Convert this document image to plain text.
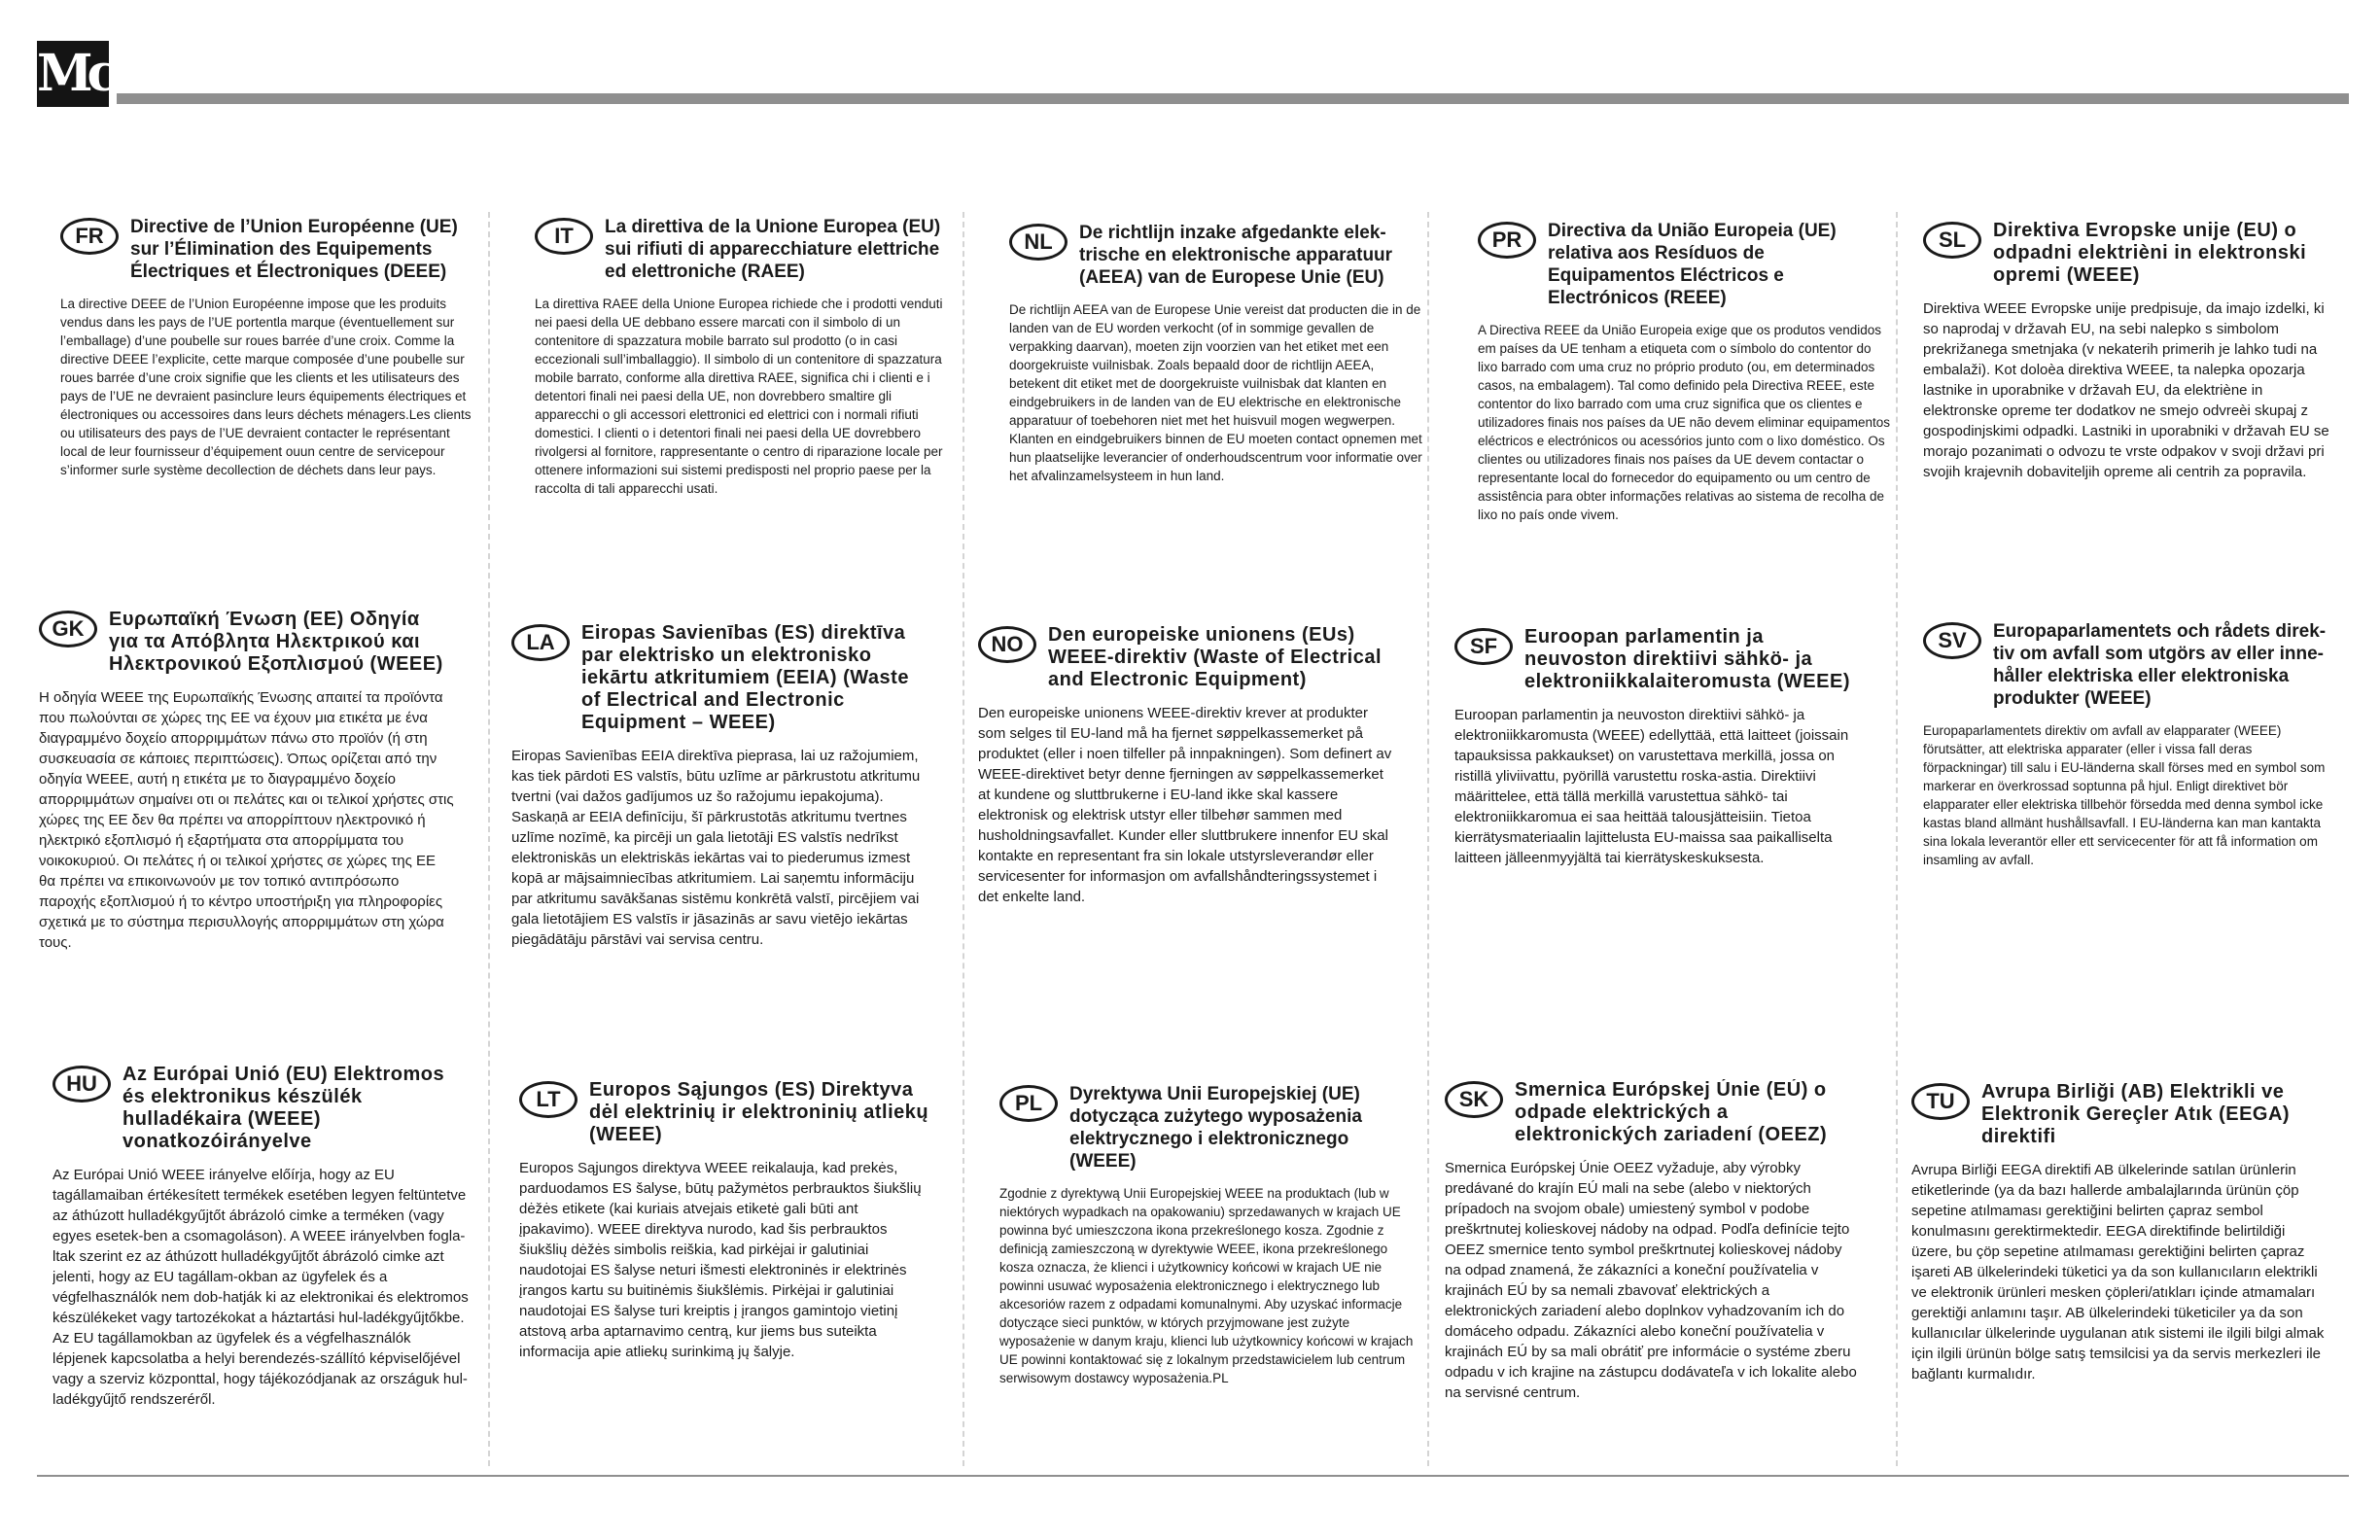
Mc
FR	Directive de l’Union Européenne (UE) sur l’Élimination des Equipements Électriques et Électroniques (DEEE)
La directive DEEE de l’Union Européenne impose que les produits vendus dans les pays de l’UE portentla marque (éventuellement sur l’emballage) d’une poubelle sur roues barrée d’une croix. Comme la directive DEEE l’explicite, cette marque composée d’une poubelle sur roues barrée d’une croix signifie que les clients et les utilisateurs des pays de l’UE ne devraient pasinclure leurs équipements électriques et électroniques ou accessoires dans leurs déchets ménagers.Les clients ou utilisateurs des pays de l’UE devraient contacter le représentant local de leur fournisseur d’équipement ouun centre de servicepour s’informer surle système decollection de déchets dans leur pays.
IT	La direttiva de la Unione Europea (EU) sui rifiuti di apparecchiature elettriche ed elettroniche (RAEE)
La direttiva RAEE della Unione Europea richiede che i prodotti venduti nei paesi della UE debbano essere marcati con il simbolo di un contenitore di spazzatura mobile barrato sul prodotto (o in casi eccezionali sull’imballaggio). Il simbolo di un contenitore di spazzatura mobile barrato, conforme alla direttiva RAEE, significa chi i clienti e i detentori finali nei paesi della UE, non dovrebbero smaltire gli apparecchi o gli accessori elettronici ed elettrici con i normali rifiuti domestici. I clienti o i detentori finali nei paesi della UE dovrebbero rivolgersi al fornitore, rappresentante o centro di riparazione locale per ottenere informazioni sui sistemi predisposti nel proprio paese per la raccolta di tali apparecchi usati.
NL	De richtlijn inzake afgedankte elek-trische en elektronische apparatuur (AEEA) van de Europese Unie (EU)
De richtlijn AEEA van de Europese Unie vereist dat producten die in de landen van de EU worden verkocht (of in sommige gevallen de verpakking daarvan), moeten zijn voorzien van het etiket met een doorgekruiste vuilnisbak. Zoals bepaald door de richtlijn AEEA, betekent dit etiket met de doorgekruiste vuilnisbak dat klanten en eindgebruikers in de landen van de EU elektrische en elektronische apparatuur of toebehoren niet met het huisvuil mogen wegwerpen. Klanten en eindgebruikers binnen de EU moeten contact opnemen met hun plaatselijke leverancier of onderhoudscentrum voor informatie over het afvalinzamelsysteem in hun land.
PR	Directiva da União Europeia (UE) relativa aos Resíduos de Equipamentos Eléctricos e Electrónicos (REEE)
A Directiva REEE da União Europeia exige que os produtos vendidos em países da UE tenham a etiqueta com o símbolo do contentor do lixo barrado com uma cruz no próprio produto (ou, em determinados casos, na embalagem). Tal como definido pela Directiva REEE, este contentor do lixo barrado com uma cruz significa que os clientes e utilizadores finais nos países da UE não devem eliminar equipamentos eléctricos e electrónicos ou acessórios junto com o lixo doméstico. Os clientes ou utilizadores finais nos países da UE devem contactar o representante local do fornecedor do equipamento ou um centro de assistência para obter informações relativas ao sistema de recolha de lixo no país onde vivem.
SL	Direktiva Evropske unije (EU) o odpadni elektrièni in elektronski opremi (WEEE)
Direktiva WEEE Evropske unije predpisuje, da imajo izdelki, ki so naprodaj v državah EU, na sebi nalepko s simbolom prekrižanega smetnjaka (v nekaterih primerih je lahko tudi na embalaži). Kot doloèa direktiva WEEE, ta nalepka opozarja lastnike in uporabnike v državah EU, da elektriène in elektronske opreme ter dodatkov ne smejo odvreèi skupaj z gospodinjskimi odpadki. Lastniki in uporabniki v državah EU se morajo pozanimati o odvozu te vrste odpakov v svoji državi pri svojih krajevnih dobaviteljih opreme ali centrih za popravila.
GK	Ευρωπαϊκή Ένωση (ΕΕ) Οδηγία για τα Απόβλητα Ηλεκτρικού και Ηλεκτρονικού Εξοπλισμού (WEEE)
Η οδηγία WEEE της Ευρωπαϊκής Ένωσης απαιτεί τα προϊόντα που πωλούνται σε χώρες της ΕΕ να έχουν μια ετικέτα με ένα διαγραμμένο δοχείο απορριμμάτων πάνω στο προϊόν (ή στη συσκευασία σε κάποιες περιπτώσεις). Όπως ορίζεται από την οδηγία WEEE, αυτή η ετικέτα με το διαγραμμένο δοχείο απορριμμάτων σημαίνει οτι οι πελάτες και οι τελικοί χρήστες στις χώρες της ΕΕ δεν θα πρέπει να απορρίπτουν ηλεκτρονικό ή ηλεκτρικό εξοπλισμό ή εξαρτήματα στα απορρίμματα του νοικοκυριού. Οι πελάτες ή οι τελικοί χρήστες σε χώρες της ΕΕ θα πρέπει να επικοινωνούν με τον τοπικό αντιπρόσωπο παροχής εξοπλισμού ή το κέντρο υποστήριξη για πληροφορίες σχετικά με το σύστημα περισυλλογής απορριμμάτων στη χώρα τους.
LA	Eiropas Savienības (ES) direktīva par elektrisko un elektronisko iekārtu atkritumiem (EEIA) (Waste of Electrical and Electronic Equipment – WEEE)
Eiropas Savienības EEIA direktīva pieprasa, lai uz ražojumiem, kas tiek pārdoti ES valstīs, būtu uzlīme ar pārkrustotu atkritumu tvertni (vai dažos gadījumos uz šo ražojumu iepakojuma). Saskaņā ar EEIA definīciju, šī pārkrustotās atkritumu tvertnes uzlīme nozīmē, ka pircēji un gala lietotāji ES valstīs nedrīkst elektroniskās un elektriskās iekārtas vai to piederumus izmest kopā ar mājsaimniecības atkritumiem. Lai saņemtu informāciju par atkritumu savākšanas sistēmu konkrētā valstī, pircējiem vai gala lietotājiem ES valstīs ir jāsazinās ar savu vietējo iekārtas piegādātāju pārstāvi vai servisa centru.
NO	Den europeiske unionens (EUs) WEEE-direktiv (Waste of Electrical and Electronic Equipment)
Den europeiske unionens WEEE-direktiv krever at produkter som selges til EU-land må ha fjernet søppelkassemerket på produktet (eller i noen tilfeller på innpakningen). Som definert av WEEE-direktivet betyr denne fjerningen av søppelkassemerket at kundene og sluttbrukerne i EU-land ikke skal kassere elektronisk og elektrisk utstyr eller tilbehør sammen med husholdningsavfallet. Kunder eller sluttbrukere innenfor EU skal kontakte en representant fra sin lokale utstyrsleverandør eller servicesenter for informasjon om avfallshåndteringssystemet i det enkelte land.
SF	Euroopan parlamentin ja neuvoston direktiivi sähkö- ja elektroniikkalaiteromusta (WEEE)
Euroopan parlamentin ja neuvoston direktiivi sähkö- ja elektroniikkaromusta (WEEE) edellyttää, että laitteet (joissain tapauksissa pakkaukset) on varustettava merkillä, jossa on ristillä yliviivattu, pyörillä varustettu roska-astia. Direktiivi määrittelee, että tällä merkillä varustettua sähkö- tai elektroniikkaromua ei saa heittää talousjätteisiin. Tietoa kierrätysmateriaalin lajittelusta EU-maissa saa paikalliselta laitteen jälleenmyyjältä tai kierrätyskeskuksesta.
SV	Europaparlamentets och rådets direk-tiv om avfall som utgörs av eller inne-håller elektriska eller elektroniska produkter (WEEE)
Europaparlamentets direktiv om avfall av elapparater (WEEE) förutsätter, att elektriska apparater (eller i vissa fall deras förpackningar) till salu i EU-länderna skall förses med en symbol som markerar en överkrossad soptunna på hjul. Enligt direktivet bör elapparater eller elektriska tillbehör försedda med denna symbol icke kastas bland allmänt hushållsavfall. I EU-länderna kan man kantakta sina lokala leverantör eller ett servicecenter för att få information om insamling av avfall.
HU	Az Európai Unió (EU) Elektromos és elektronikus készülék hulladékaira (WEEE) vonatkozóirányelve
Az Európai Unió WEEE irányelve előírja, hogy az EU tagállamaiban értékesített termékek esetében legyen feltüntetve az áthúzott hulladékgyűjtőt ábrázoló cimke a terméken (vagy egyes esetek-ben a csomagoláson). A WEEE irányelvben fogla-ltak szerint ez az áthúzott hulladékgyűjtőt ábrázoló cimke azt jelenti, hogy az EU tagállam-okban az ügyfelek és a végfelhasználók nem dob-hatják ki az elektronikai és elektromos készülékeket vagy tartozékokat a háztartási hul-ladékgyűjtőkbe. Az EU tagállamokban az ügyfelek és a végfelhasználók lépjenek kapcsolatba a helyi berendezés-szállító képviselőjével vagy a szerviz központtal, hogy tájékozódjanak az országuk hul-ladékgyűjtő rendszeréről.
LT	Europos Sąjungos (ES) Direktyva dėl elektrinių ir elektroninių atliekų (WEEE)
Europos Sąjungos direktyva WEEE reikalauja, kad prekės, parduodamos ES šalyse, būtų pažymėtos perbrauktos šiukšlių dėžės etikete (kai kuriais atvejais etiketė gali būti ant įpakavimo). WEEE direktyva nurodo, kad šis perbrauktos šiukšlių dėžės simbolis reiškia, kad pirkėjai ir galutiniai naudotojai ES šalyse neturi išmesti elektroninės ir elektrinės įrangos kartu su buitinėmis šiukšlėmis. Pirkėjai ir galutiniai naudotojai ES šalyse turi kreiptis į įrangos gamintojo vietinį atstovą arba aptarnavimo centrą, kur jiems bus suteikta informacija apie atliekų surinkimą jų šalyje.
PL	Dyrektywa Unii Europejskiej (UE) dotycząca zużytego wyposażenia elektrycznego i elektronicznego (WEEE)
Zgodnie z dyrektywą Unii Europejskiej WEEE na produktach (lub w niektórych wypadkach na opakowaniu) sprzedawanych w krajach UE powinna być umieszczona ikona przekreślonego kosza. Zgodnie z definicją zamieszczoną w dyrektywie WEEE, ikona przekreślonego kosza oznacza, że klienci i użytkownicy końcowi w krajach UE nie powinni usuwać wyposażenia elektronicznego i elektrycznego lub akcesoriów razem z odpadami komunalnymi. Aby uzyskać informacje dotyczące sieci punktów, w których przyjmowane jest zużyte wyposażenie w danym kraju, klienci lub użytkownicy końcowi w krajach UE powinni kontaktować się z lokalnym przedstawicielem lub centrum serwisowym dostawcy wyposażenia.PL
SK	Smernica Európskej Únie (EÚ) o odpade elektrických a elektronických zariadení (OEEZ)
Smernica Európskej Únie OEEZ vyžaduje, aby výrobky predávané do krajín EÚ mali na sebe (alebo v niektorých prípadoch na svojom obale) umiestený symbol v podobe preškrtnutej kolieskovej nádoby na odpad. Podľa definície tejto OEEZ smernice tento symbol preškrtnutej kolieskovej nádoby na odpad znamená, že zákazníci a koneční používatelia v krajinách EÚ by sa nemali zbavovať elektrických a elektronických zariadení alebo doplnkov vyhadzovaním ich do domáceho odpadu. Zákazníci alebo koneční používatelia v krajinách EÚ by sa mali obrátiť pre informácie o systéme zberu odpadu v ich krajine na zástupcu dodávateľa v ich lokalite alebo na servisné centrum.
TU	Avrupa Birliği (AB) Elektrikli ve Elektronik Gereçler Atık (EEGA) direktifi
Avrupa Birliği EEGA direktifi AB ülkelerinde satılan ürünlerin etiketlerinde (ya da bazı hallerde ambalajlarında ürünün çöp sepetine atılmaması gerektiğini belirten çapraz sembol konulmasını gerektirmektedir. EEGA direktifinde belirtildiği üzere, bu çöp sepetine atılmaması gerektiğini belirten çapraz işareti AB ülkelerindeki tüketici ya da son kullanıcıların elektrikli ve elektronik ürünleri mesken çöpleri/atıkları içinde atmamaları gerektiği anlamını taşır. AB ülkelerindeki tüketiciler ya da son kullanıcılar ülkelerinde uygulanan atık sistemi ile ilgili bilgi almak için ilgili ürünün bölge satış temsilcisi ya da servis merkezleri ile bağlantı kurmalıdır.
